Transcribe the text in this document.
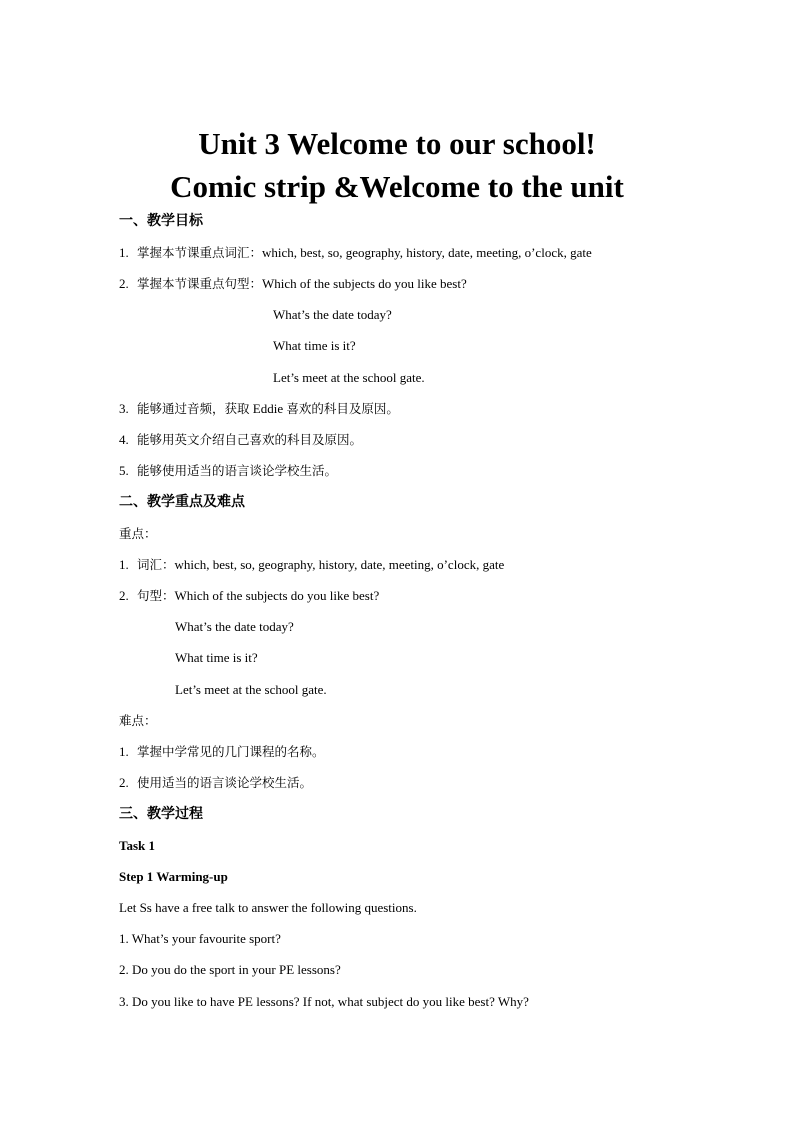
Unit 3 Welcome to our school!
Comic strip &Welcome to the unit
一、教学目标
1. 掌握本节课重点词汇：which, best, so, geography, history, date, meeting, o’clock, gate
2. 掌握本节课重点句型：Which of the subjects do you like best?
What’s the date today?
What time is it?
Let’s meet at the school gate.
3. 能够通过音频，获取 Eddie 喜欢的科目及原因。
4. 能够用英文介绍自己喜欢的科目及原因。
5. 能够使用适当的语言谈论学校生活。
二、教学重点及难点
重点：
1. 词汇：which, best, so, geography, history, date, meeting, o’clock, gate
2. 句型：Which of the subjects do you like best?
What’s the date today?
What time is it?
Let’s meet at the school gate.
难点：
1. 掌握中学常见的几门课程的名称。
2. 使用适当的语言谈论学校生活。
三、教学过程
Task 1
Step 1 Warming-up
Let Ss have a free talk to answer the following questions.
1. What’s your favourite sport?
2. Do you do the sport in your PE lessons?
3. Do you like to have PE lessons? If not, what subject do you like best? Why?
